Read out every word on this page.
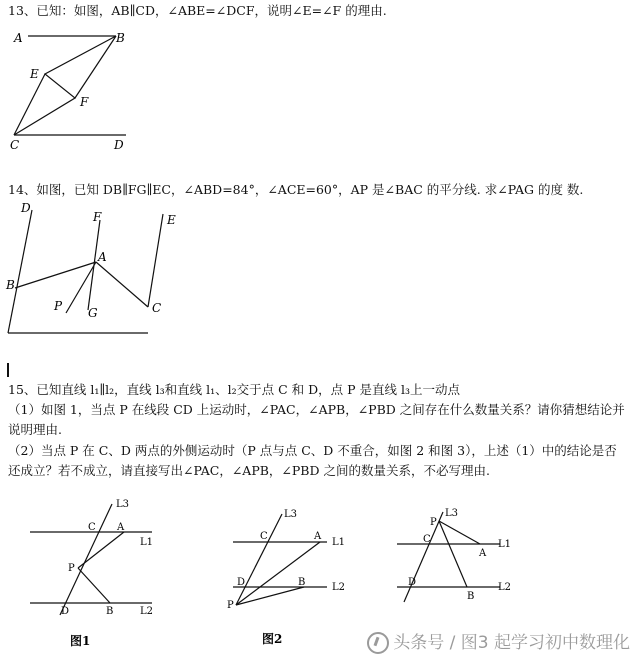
13、已知：如图，AB∥CD，∠ABE=∠DCF，说明∠E=∠F 的理由.
A	B
E
F
C	D
14、如图，已知 DB∥FG∥EC，∠ABD=84°，∠ACE=60°，AP 是∠BAC 的平分线. 求∠PAG 的度 数.
D
F	E
A
B
P G	C
15、已知直线 l₁∥l₂，直线 l₃和直线 l₁、l₂交于点 C 和 D，点 P 是直线 l₃上一动点
（1）如图 1，当点 P 在线段 CD 上运动时，∠PAC，∠APB，∠PBD 之间存在什么数量关系？请你猜想结论并
说明理由.
（2）当点 P 在 C、D 两点的外侧运动时（P 点与点 C、D 不重合，如图 2 和图 3），上述（1）中的结论是否
还成立？若不成立，请直接写出∠PAC，∠APB，∠PBD 之间的数量关系，不必写理由.
L3
L1
L2
C A
P
D	B
图1
L3
L1
L2
C	A
D	B
P
图2
L3
P
C
A
L1
D
B
L2
头条号 / 图3 起学习初中数理化
